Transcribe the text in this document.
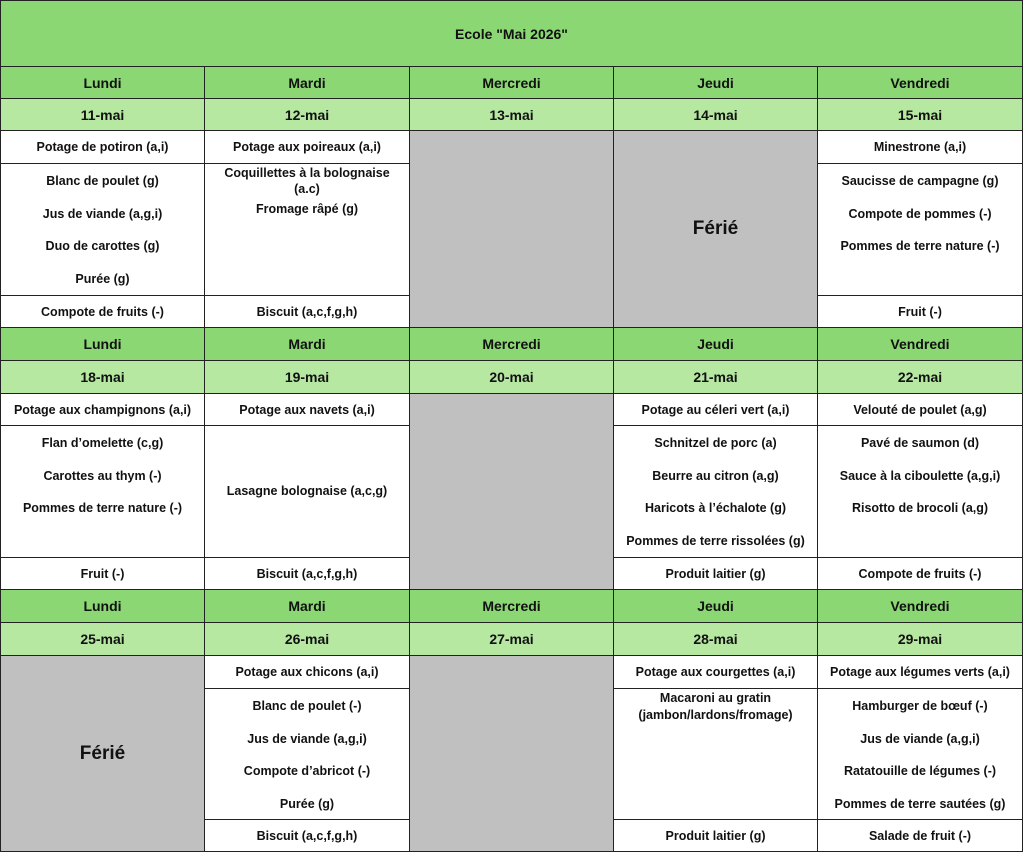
Ecole "Mai 2026"
Lundi
11-mai
Potage de potiron (a,i)
Blanc de poulet (g)
Jus de viande (a,g,i)
Duo de carottes (g)
Purée (g)
Compote de fruits (-)
Mardi
12-mai
Potage aux poireaux (a,i)
Coquillettes à la bolognaise (a.c)
Fromage râpé (g)
Biscuit (a,c,f,g,h)
Mercredi
13-mai
Jeudi
14-mai
Vendredi
15-mai
Minestrone (a,i)
Saucisse de campagne (g)
Compote de pommes (-)
Pommes de terre nature (-)
Fruit (-)
Férié
Lundi
18-mai
Potage aux champignons (a,i)
Flan d’omelette (c,g)
Carottes au thym (-)
Pommes de terre nature (-)
Fruit (-)
Mardi
19-mai
Potage aux navets (a,i)
Lasagne bolognaise (a,c,g)
Biscuit (a,c,f,g,h)
Mercredi
20-mai
Jeudi
21-mai
Potage au céleri vert (a,i)
Schnitzel de porc (a)
Beurre au citron (a,g)
Haricots à l’échalote (g)
Pommes de terre rissolées (g)
Produit laitier (g)
Vendredi
22-mai
Velouté de poulet (a,g)
Pavé de saumon (d)
Sauce à la ciboulette (a,g,i)
Risotto de brocoli (a,g)
Compote de fruits (-)
Lundi
25-mai
Mardi
26-mai
Potage aux chicons (a,i)
Blanc de poulet (-)
Jus de viande (a,g,i)
Compote d’abricot (-)
Purée (g)
Biscuit (a,c,f,g,h)
Mercredi
27-mai
Jeudi
28-mai
Potage aux courgettes (a,i)
Macaroni au gratin (jambon/lardons/fromage)
Produit laitier (g)
Vendredi
29-mai
Potage aux légumes verts (a,i)
Hamburger de bœuf (-)
Jus de viande (a,g,i)
Ratatouille de légumes (-)
Pommes de terre sautées (g)
Salade de fruit (-)
Férié
